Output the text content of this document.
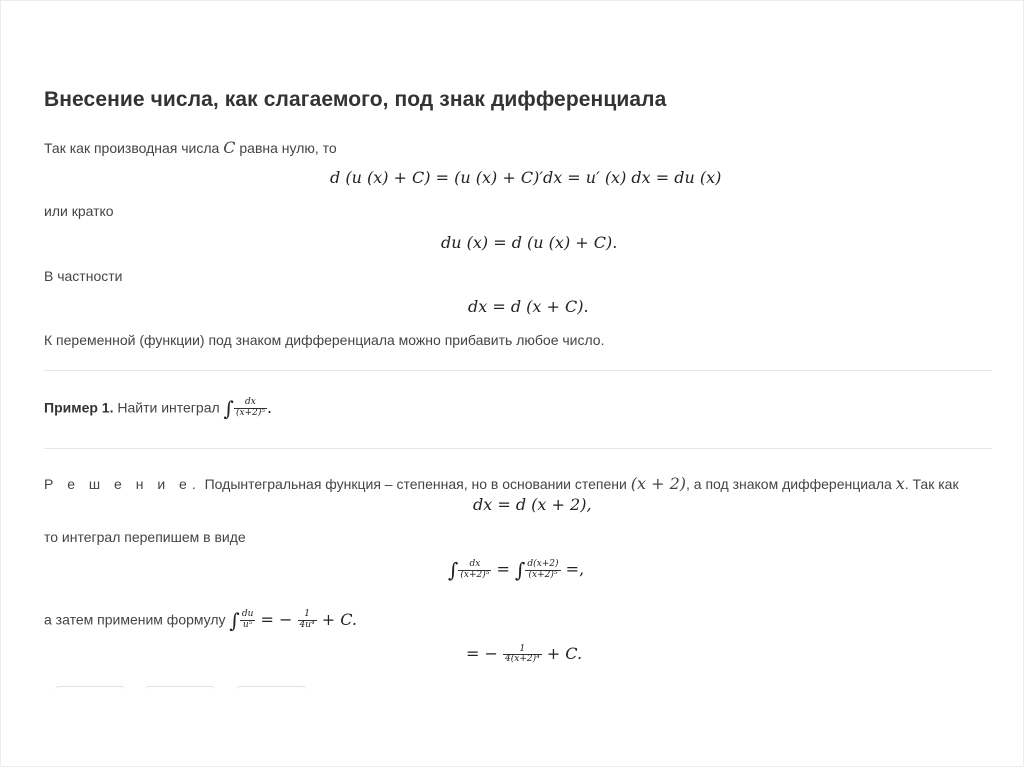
Внесение числа, как слагаемого, под знак дифференциала
Так как производная числа C равна нулю, то
d (u (x) + C) = (u (x) + C)′dx = u′ (x) dx = du (x)
или кратко
du (x) = d (u (x) + C).
В частности
dx = d (x + C).
К переменной (функции) под знаком дифференциала можно прибавить любое число.
Пример 1. Найти интеграл ∫ $\frac{dx}{\text{(x+2)⁵}}$ .
Р е ш е н и е. Подынтегральная функция – степенная, но в основании степени (x + 2), а под знаком дифференциала x. Так как
dx = d (x + 2),
то интеграл перепишем в виде
∫ $\frac{dx}{\text{(x+2)⁵}}$ = ∫ $\frac{d(x+2)}{\text{(x+2)⁵}}$ =,
а затем применим формулу ∫ $\frac{du}{\text{u⁵}}$ = − $\frac{1}{\text{4u⁴}} + C$.
= − $\frac{1}{\text{4(x+2)⁴}} + C$.
